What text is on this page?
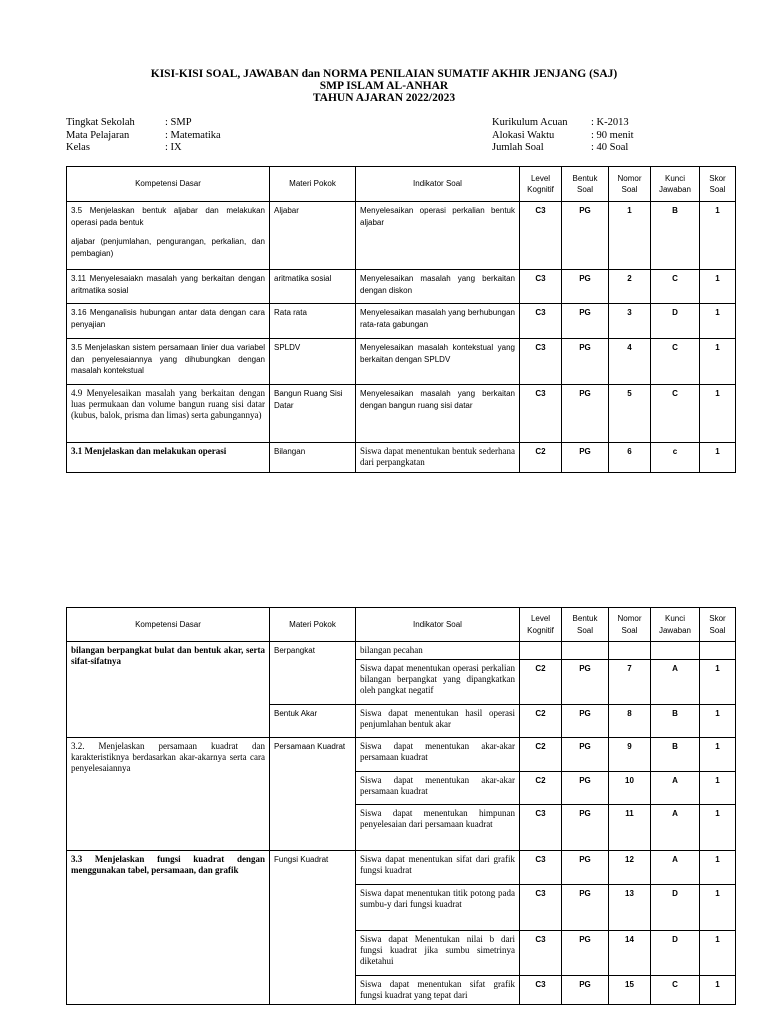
KISI-KISI SOAL, JAWABAN dan NORMA PENILAIAN SUMATIF AKHIR JENJANG (SAJ)
SMP ISLAM AL-ANHAR
TAHUN AJARAN 2022/2023
Tingkat Sekolah	: SMP
Mata Pelajaran	: Matematika
Kelas	: IX
Kurikulum Acuan	: K-2013
Alokasi Waktu	: 90 menit
Jumlah Soal	: 40 Soal
Kompetensi Dasar	Materi Pokok	Indikator Soal	Level Kognitif	Bentuk Soal	Nomor Soal	Kunci Jawaban	Skor Soal

3.5 Menjelaskan bentuk aljabar dan melakukan operasi pada bentuk

aljabar (penjumlahan, pengurangan, perkalian, dan pembagian)	Aljabar	Menyelesaikan operasi perkalian bentuk aljabar	C3	PG	1	B	1
3.11 Menyelesaiakn masalah yang berkaitan dengan aritmatika sosial	aritmatika sosial	Menyelesaikan masalah yang berkaitan dengan diskon	C3	PG	2	C	1
3.16 Menganalisis hubungan antar data dengan cara penyajian	Rata rata	Menyelesaikan masalah yang berhubungan rata-rata gabungan	C3	PG	3	D	1
3.5 Menjelaskan sistem persamaan linier dua variabel dan penyelesaiannya yang dihubungkan dengan masalah kontekstual	SPLDV	Menyelesaikan masalah kontekstual yang berkaitan dengan SPLDV	C3	PG	4	C	1
4.9 Menyelesaikan masalah yang berkaitan dengan luas permukaan dan volume bangun ruang sisi datar (kubus, balok, prisma dan limas) serta gabungannya)	Bangun Ruang Sisi Datar	Menyelesaikan masalah yang berkaitan dengan bangun ruang sisi datar	C3	PG	5	C	1
3.1 Menjelaskan dan melakukan operasi	Bilangan	Siswa dapat menentukan bentuk sederhana dari perpangkatan	C2	PG	6	c	1
Kompetensi Dasar	Materi Pokok	Indikator Soal	Level Kognitif	Bentuk Soal	Nomor Soal	Kunci Jawaban	Skor Soal
bilangan berpangkat bulat dan bentuk akar, serta sifat-sifatnya	Berpangkat	bilangan pecahan					
		Siswa dapat menentukan operasi perkalian bilangan berpangkat yang dipangkatkan oleh pangkat negatif	C2	PG	7	A	1
	Bentuk Akar	Siswa dapat menentukan hasil operasi penjumlahan bentuk akar	C2	PG	8	B	1
3.2. Menjelaskan persamaan kuadrat dan karakteristiknya berdasarkan akar-akarnya serta cara penyelesaiannya	Persamaan Kuadrat	Siswa dapat menentukan akar-akar persamaan kuadrat	C2	PG	9	B	1
		Siswa dapat menentukan akar-akar persamaan kuadrat	C2	PG	10	A	1
		Siswa dapat menentukan himpunan penyelesaian dari persamaan kuadrat	C3	PG	11	A	1
3.3 Menjelaskan fungsi kuadrat dengan menggunakan tabel, persamaan, dan grafik	Fungsi Kuadrat	Siswa dapat menentukan sifat dari grafik fungsi kuadrat	C3	PG	12	A	1
		Siswa dapat menentukan titik potong pada sumbu-y dari fungsi kuadrat	C3	PG	13	D	1
		Siswa dapat Menentukan nilai b dari fungsi kuadrat jika sumbu simetrinya diketahui	C3	PG	14	D	1
		Siswa dapat menentukan sifat grafik fungsi kuadrat yang tepat dari	C3	PG	15	C	1
